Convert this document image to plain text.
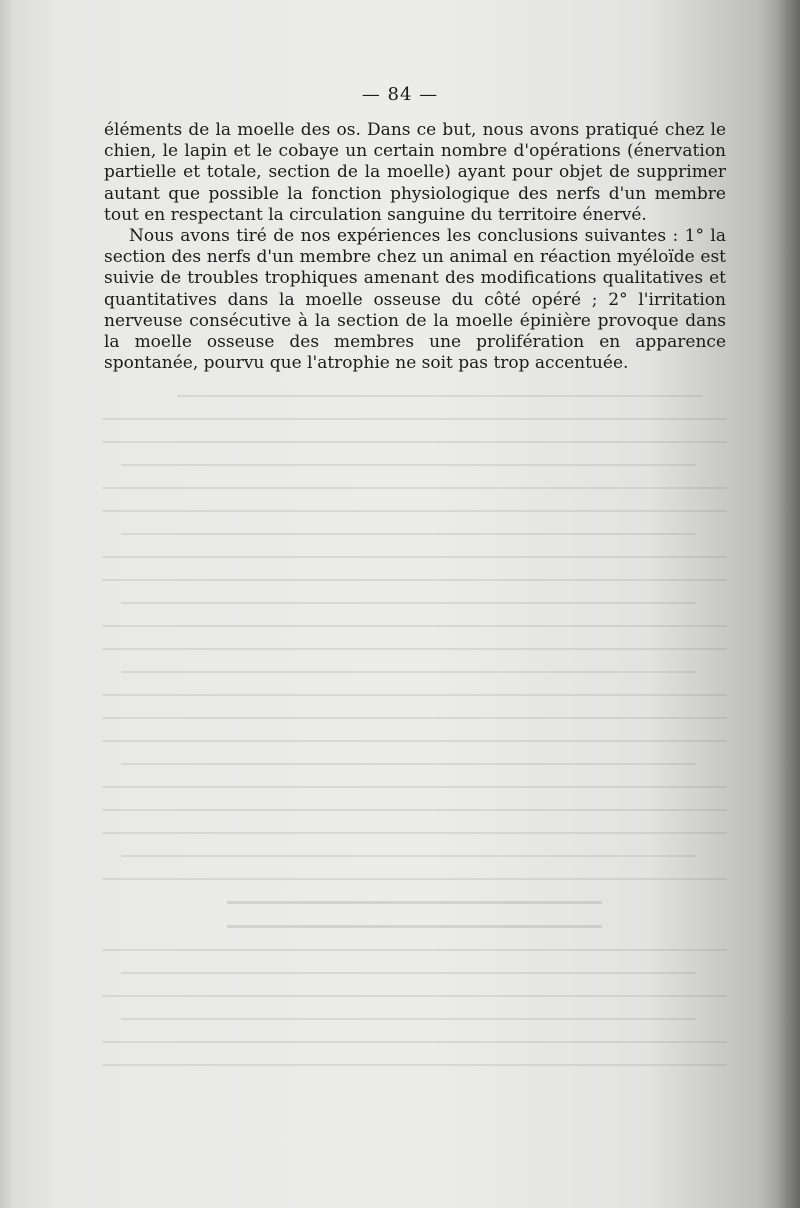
— 84 —

éléments de la moelle des os. Dans ce but, nous avons pratiqué chez le chien, le lapin et le cobaye un certain nombre d'opérations (énervation partielle et totale, section de la moelle) ayant pour objet de supprimer autant que possible la fonction physiologique des nerfs d'un membre tout en respectant la circulation sanguine du territoire énervé.

Nous avons tiré de nos expériences les conclusions suivantes : 1° la section des nerfs d'un membre chez un animal en réaction myéloïde est suivie de troubles trophiques amenant des modifications qualitatives et quantitatives dans la moelle osseuse du côté opéré ; 2° l'irritation nerveuse consécutive à la section de la moelle épinière provoque dans la moelle osseuse des membres une prolifération en apparence spontanée, pourvu que l'atrophie ne soit pas trop accentuée.
